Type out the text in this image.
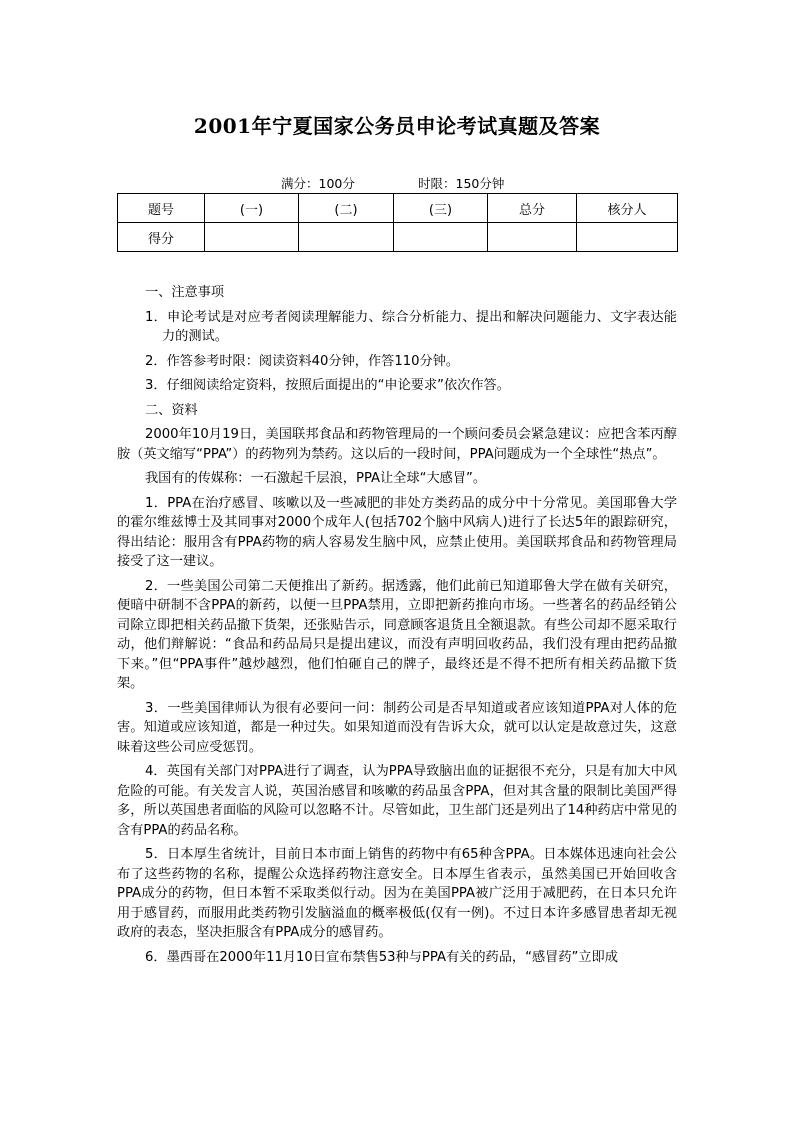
2001年宁夏国家公务员申论考试真题及答案
满分：100分	时限：150分钟
题号	(一)	(二)	(三)	总分	核分人
得分					

一、注意事项

1．申论考试是对应考者阅读理解能力、综合分析能力、提出和解决问题能力、文字表达能力的测试。

2．作答参考时限：阅读资料40分钟，作答110分钟。

3．仔细阅读给定资料，按照后面提出的“申论要求”依次作答。

二、资料

2000年10月19日，美国联邦食品和药物管理局的一个顾问委员会紧急建议：应把含苯丙醇胺（英文缩写“PPA”）的药物列为禁药。这以后的一段时间，PPA问题成为一个全球性“热点”。

我国有的传媒称：一石激起千层浪，PPA让全球“大感冒”。

1．PPA在治疗感冒、咳嗽以及一些减肥的非处方类药品的成分中十分常见。美国耶鲁大学的霍尔维兹博士及其同事对2000个成年人(包括702个脑中风病人)进行了长达5年的跟踪研究，得出结论：服用含有PPA药物的病人容易发生脑中风，应禁止使用。美国联邦食品和药物管理局接受了这一建议。

2．一些美国公司第二天便推出了新药。据透露，他们此前已知道耶鲁大学在做有关研究，便暗中研制不含PPA的新药，以便一旦PPA禁用，立即把新药推向市场。一些著名的药品经销公司除立即把相关药品撤下货架，还张贴告示，同意顾客退货且全额退款。有些公司却不愿采取行动，他们辩解说：“食品和药品局只是提出建议，而没有声明回收药品，我们没有理由把药品撤下来。”但“PPA事件”越炒越烈，他们怕砸自己的牌子，最终还是不得不把所有相关药品撤下货架。

3．一些美国律师认为很有必要问一问：制药公司是否早知道或者应该知道PPA对人体的危害。知道或应该知道，都是一种过失。如果知道而没有告诉大众，就可以认定是故意过失，这意味着这些公司应受惩罚。

4．英国有关部门对PPA进行了调查，认为PPA导致脑出血的证据很不充分，只是有加大中风危险的可能。有关发言人说，英国治感冒和咳嗽的药品虽含PPA，但对其含量的限制比美国严得多，所以英国患者面临的风险可以忽略不计。尽管如此，卫生部门还是列出了14种药店中常见的含有PPA的药品名称。

5．日本厚生省统计，目前日本市面上销售的药物中有65种含PPA。日本媒体迅速向社会公布了这些药物的名称，提醒公众选择药物注意安全。日本厚生省表示，虽然美国已开始回收含PPA成分的药物，但日本暂不采取类似行动。因为在美国PPA被广泛用于减肥药，在日本只允许用于感冒药，而服用此类药物引发脑溢血的概率极低(仅有一例)。不过日本许多感冒患者却无视政府的表态，坚决拒服含有PPA成分的感冒药。

6．墨西哥在2000年11月10日宣布禁售53种与PPA有关的药品，“感冒药”立即成
